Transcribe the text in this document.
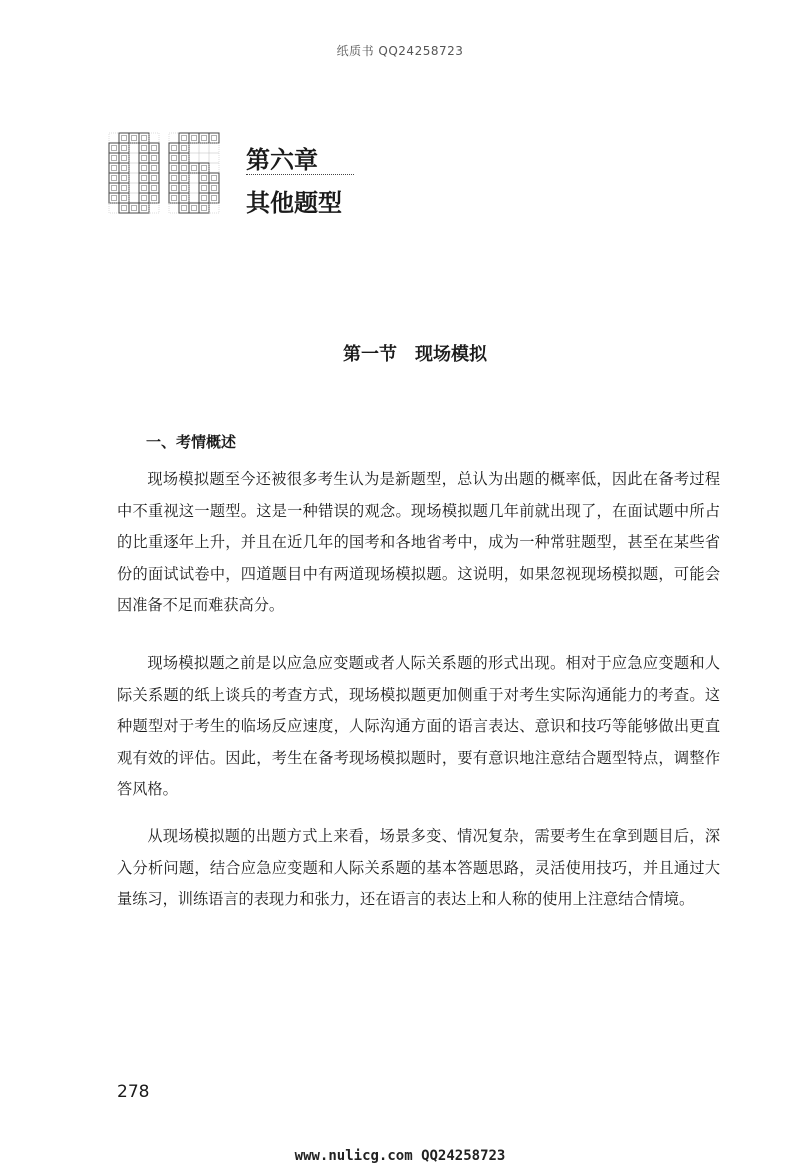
纸质书 QQ24258723
第六章
其他题型
第一节　现场模拟
一、考情概述

现场模拟题至今还被很多考生认为是新题型，总认为出题的概率低，因此在备考过程中不重视这一题型。这是一种错误的观念。现场模拟题几年前就出现了，在面试题中所占的比重逐年上升，并且在近几年的国考和各地省考中，成为一种常驻题型，甚至在某些省份的面试试卷中，四道题目中有两道现场模拟题。这说明，如果忽视现场模拟题，可能会因准备不足而难获高分。

现场模拟题之前是以应急应变题或者人际关系题的形式出现。相对于应急应变题和人际关系题的纸上谈兵的考查方式，现场模拟题更加侧重于对考生实际沟通能力的考查。这种题型对于考生的临场反应速度，人际沟通方面的语言表达、意识和技巧等能够做出更直观有效的评估。因此，考生在备考现场模拟题时，要有意识地注意结合题型特点，调整作答风格。

从现场模拟题的出题方式上来看，场景多变、情况复杂，需要考生在拿到题目后，深入分析问题，结合应急应变题和人际关系题的基本答题思路，灵活使用技巧，并且通过大量练习，训练语言的表现力和张力，还在语言的表达上和人称的使用上注意结合情境。

278
www.nulicg.com QQ24258723
